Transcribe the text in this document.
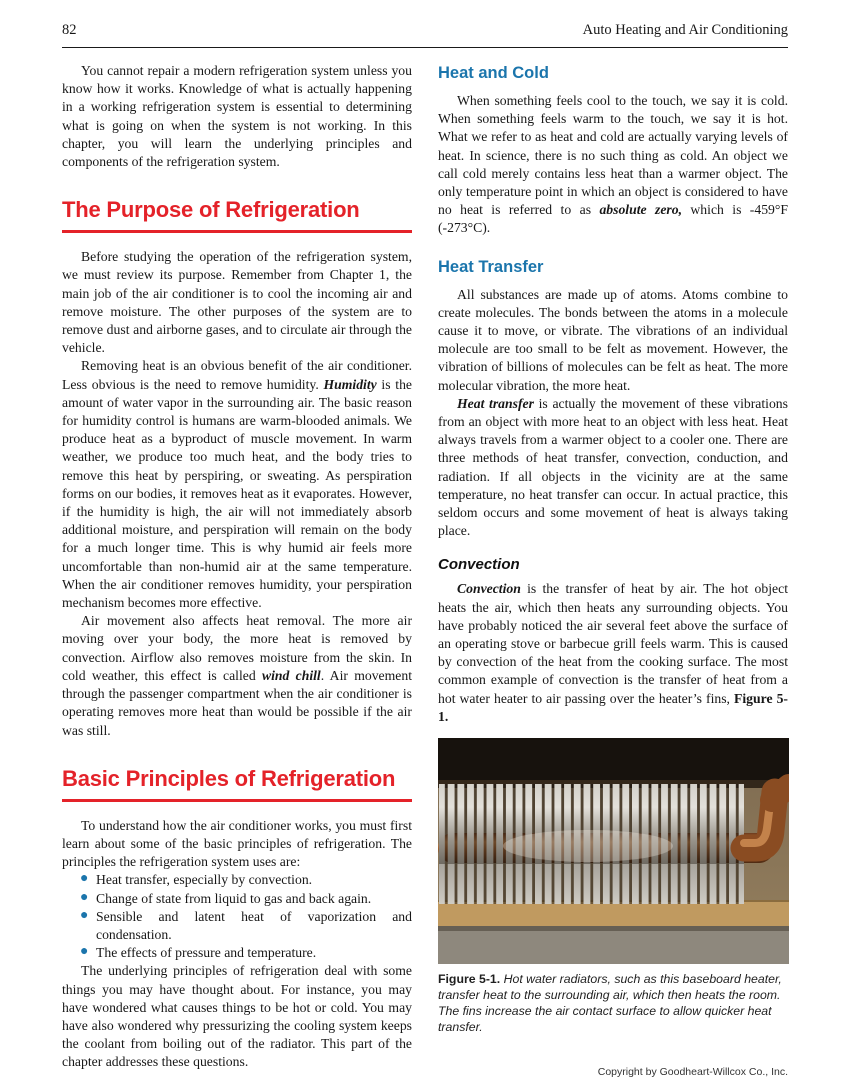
82	Auto Heating and Air Conditioning

You cannot repair a modern refrigeration system unless you know how it works. Knowledge of what is actually happening in a working refrigeration system is essential to determining what is going on when the system is not working. In this chapter, you will learn the underlying principles and components of the refrigeration system.

The Purpose of Refrigeration

Before studying the operation of the refrigeration system, we must review its purpose. Remember from Chapter 1, the main job of the air conditioner is to cool the incoming air and remove moisture. The other purposes of the system are to remove dust and airborne gases, and to circulate air through the vehicle.

Removing heat is an obvious benefit of the air conditioner. Less obvious is the need to remove humidity. Humidity is the amount of water vapor in the surrounding air. The basic reason for humidity control is humans are warm-blooded animals. We produce heat as a byproduct of muscle movement. In warm weather, we produce too much heat, and the body tries to remove this heat by perspiring, or sweating. As perspiration forms on our bodies, it removes heat as it evaporates. However, if the humidity is high, the air will not immediately absorb additional moisture, and perspiration will remain on the body for a much longer time. This is why humid air feels more uncomfortable than non-humid air at the same temperature. When the air conditioner removes humidity, your perspiration mechanism becomes more effective.

Air movement also affects heat removal. The more air moving over your body, the more heat is removed by convection. Airflow also removes moisture from the skin. In cold weather, this effect is called wind chill. Air movement through the passenger compartment when the air conditioner is operating removes more heat than would be possible if the air was still.

Basic Principles of Refrigeration

To understand how the air conditioner works, you must first learn about some of the basic principles of refrigeration. The principles the refrigeration system uses are:

● Heat transfer, especially by convection.
● Change of state from liquid to gas and back again.
● Sensible and latent heat of vaporization and condensation.
● The effects of pressure and temperature.

The underlying principles of refrigeration deal with some things you may have thought about. For instance, you may have wondered what causes things to be hot or cold. You may have also wondered why pressurizing the cooling system keeps the coolant from boiling out of the radiator. This part of the chapter addresses these questions.

Heat and Cold

When something feels cool to the touch, we say it is cold. When something feels warm to the touch, we say it is hot. What we refer to as heat and cold are actually varying levels of heat. In science, there is no such thing as cold. An object we call cold merely contains less heat than a warmer object. The only temperature point in which an object is considered to have no heat is referred to as absolute zero, which is -459°F (-273°C).

Heat Transfer

All substances are made up of atoms. Atoms combine to create molecules. The bonds between the atoms in a molecule cause it to move, or vibrate. The vibrations of an individual molecule are too small to be felt as movement. However, the vibration of billions of molecules can be felt as heat. The more molecular vibration, the more heat.

Heat transfer is actually the movement of these vibrations from an object with more heat to an object with less heat. Heat always travels from a warmer object to a cooler one. There are three methods of heat transfer, convection, conduction, and radiation. If all objects in the vicinity are at the same temperature, no heat transfer can occur. In actual practice, this seldom occurs and some movement of heat is always taking place.

Convection

Convection is the transfer of heat by air. The hot object heats the air, which then heats any surrounding objects. You have probably noticed the air several feet above the surface of an operating stove or barbecue grill feels warm. This is caused by convection of the heat from the cooking surface. The most common example of convection is the transfer of heat from a hot water heater to air passing over the heater’s fins, Figure 5-1.

Figure 5-1. Hot water radiators, such as this baseboard heater, transfer heat to the surrounding air, which then heats the room. The fins increase the air contact surface to allow quicker heat transfer.
Copyright by Goodheart-Willcox Co., Inc.
